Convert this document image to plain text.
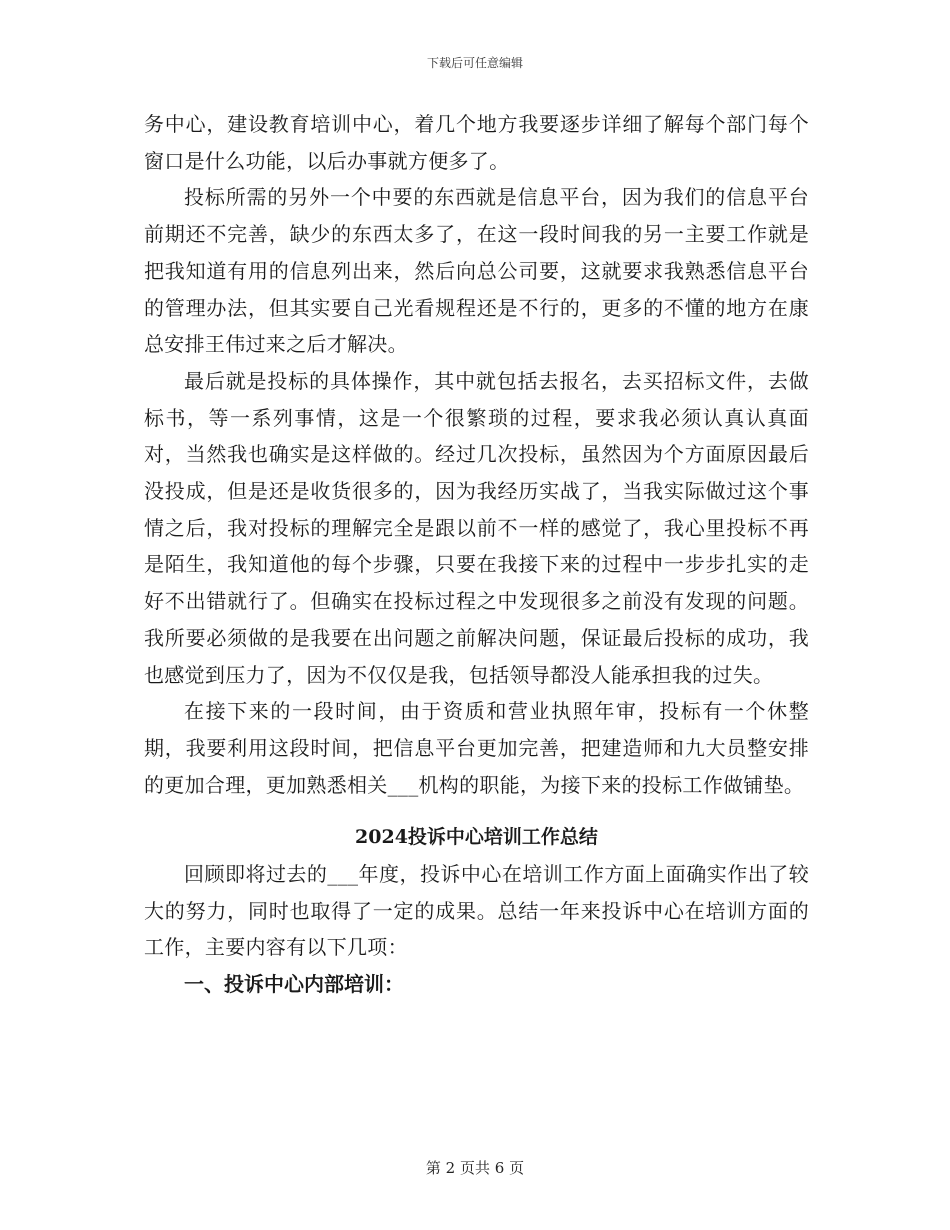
下载后可任意编辑

务中心，建设教育培训中心，着几个地方我要逐步详细了解每个部门每个窗口是什么功能，以后办事就方便多了。

投标所需的另外一个中要的东西就是信息平台，因为我们的信息平台前期还不完善，缺少的东西太多了，在这一段时间我的另一主要工作就是把我知道有用的信息列出来，然后向总公司要，这就要求我熟悉信息平台的管理办法，但其实要自己光看规程还是不行的，更多的不懂的地方在康总安排王伟过来之后才解决。

最后就是投标的具体操作，其中就包括去报名，去买招标文件，去做标书，等一系列事情，这是一个很繁琐的过程，要求我必须认真认真面对，当然我也确实是这样做的。经过几次投标，虽然因为个方面原因最后没投成，但是还是收货很多的，因为我经历实战了，当我实际做过这个事情之后，我对投标的理解完全是跟以前不一样的感觉了，我心里投标不再是陌生，我知道他的每个步骤，只要在我接下来的过程中一步步扎实的走好不出错就行了。但确实在投标过程之中发现很多之前没有发现的问题。我所要必须做的是我要在出问题之前解决问题，保证最后投标的成功，我也感觉到压力了，因为不仅仅是我，包括领导都没人能承担我的过失。

在接下来的一段时间，由于资质和营业执照年审，投标有一个休整期，我要利用这段时间，把信息平台更加完善，把建造师和九大员整安排的更加合理，更加熟悉相关___机构的职能，为接下来的投标工作做铺垫。

2024投诉中心培训工作总结

回顾即将过去的___年度，投诉中心在培训工作方面上面确实作出了较大的努力，同时也取得了一定的成果。总结一年来投诉中心在培训方面的工作，主要内容有以下几项：

一、投诉中心内部培训：

第 2 页共 6 页
